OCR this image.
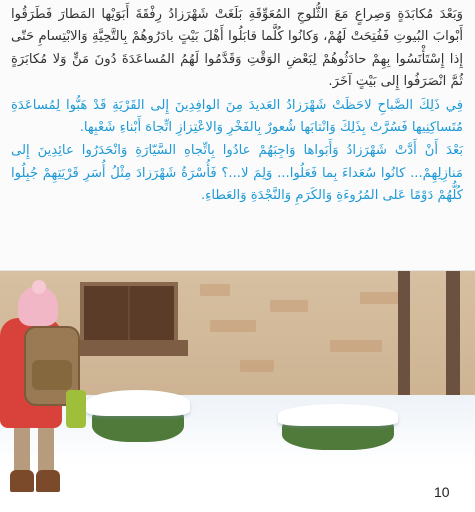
وَبَعْدَ مُكابَدَةٍ وَصِراعٍ مَعَ الثُّلوجِ المُعَوِّقَةِ بَلَغَتْ شَهْرَزادُ رِفْقَةَ أَبَوَيْها المَطارَ فَطَرَقُوا أَبْوابَ البُيوتِ فَفُتِحَتْ لَهُمْ، وَكانُوا كُلَّما قابَلُوا أَهْلَ بَيْتٍ بادَرُوهُمْ بِالتَّحِيَّةِ وَالابْتِسامِ حَتّى إِذا إِسْتَأْنَسُوا بِهِمْ حادَثُوهُمْ لِبَعْضِ الوَقْتِ وَقَدَّمُوا لَهُمُ المُساعَدَةَ دُونَ مَنٍّ وَلا مُكابَرَةٍ ثُمَّ انْصَرَفُوا إِلى بَيْتٍ آخَرَ.

فِي ذَلِكَ الصَّباحِ لاحَظَتْ شَهْرَزادُ العَديدَ مِنَ الوافِدِينَ إِلى القَرْيَةِ قَدْ هَبُّوا لِمُساعَدَةِ مُتَساكِنِيها فَسُرَّتْ بِذَلِكَ وَانْتابَها شُعورٌ بِالفَخْرِ وَالاعْتِزازِ اتِّجاهَ أَبْناءِ شَعْبِها.

بَعْدَ أَنْ أَدَّتْ شَهْرَزادُ وَأَبَواها وَاجِبَهُمْ عادُوا بِاتِّجاهِ السَّيّارَةِ وَانْحَدَرُوا عائِدِينَ إِلى مَنازِلِهِمْ... كانُوا سُعَداءَ بِما فَعَلُوا... وَلِمَ لا...؟ فَأُسْرَةُ شَهْرَزادَ مِثْلُ أُسَرِ قَرْيَتِهِمْ جُبِلُوا كُلُّهُمْ دَوْمًا عَلى المُرُوءَةِ وَالكَرَمِ وَالنَّجْدَةِ وَالعَطاءِ.

10
